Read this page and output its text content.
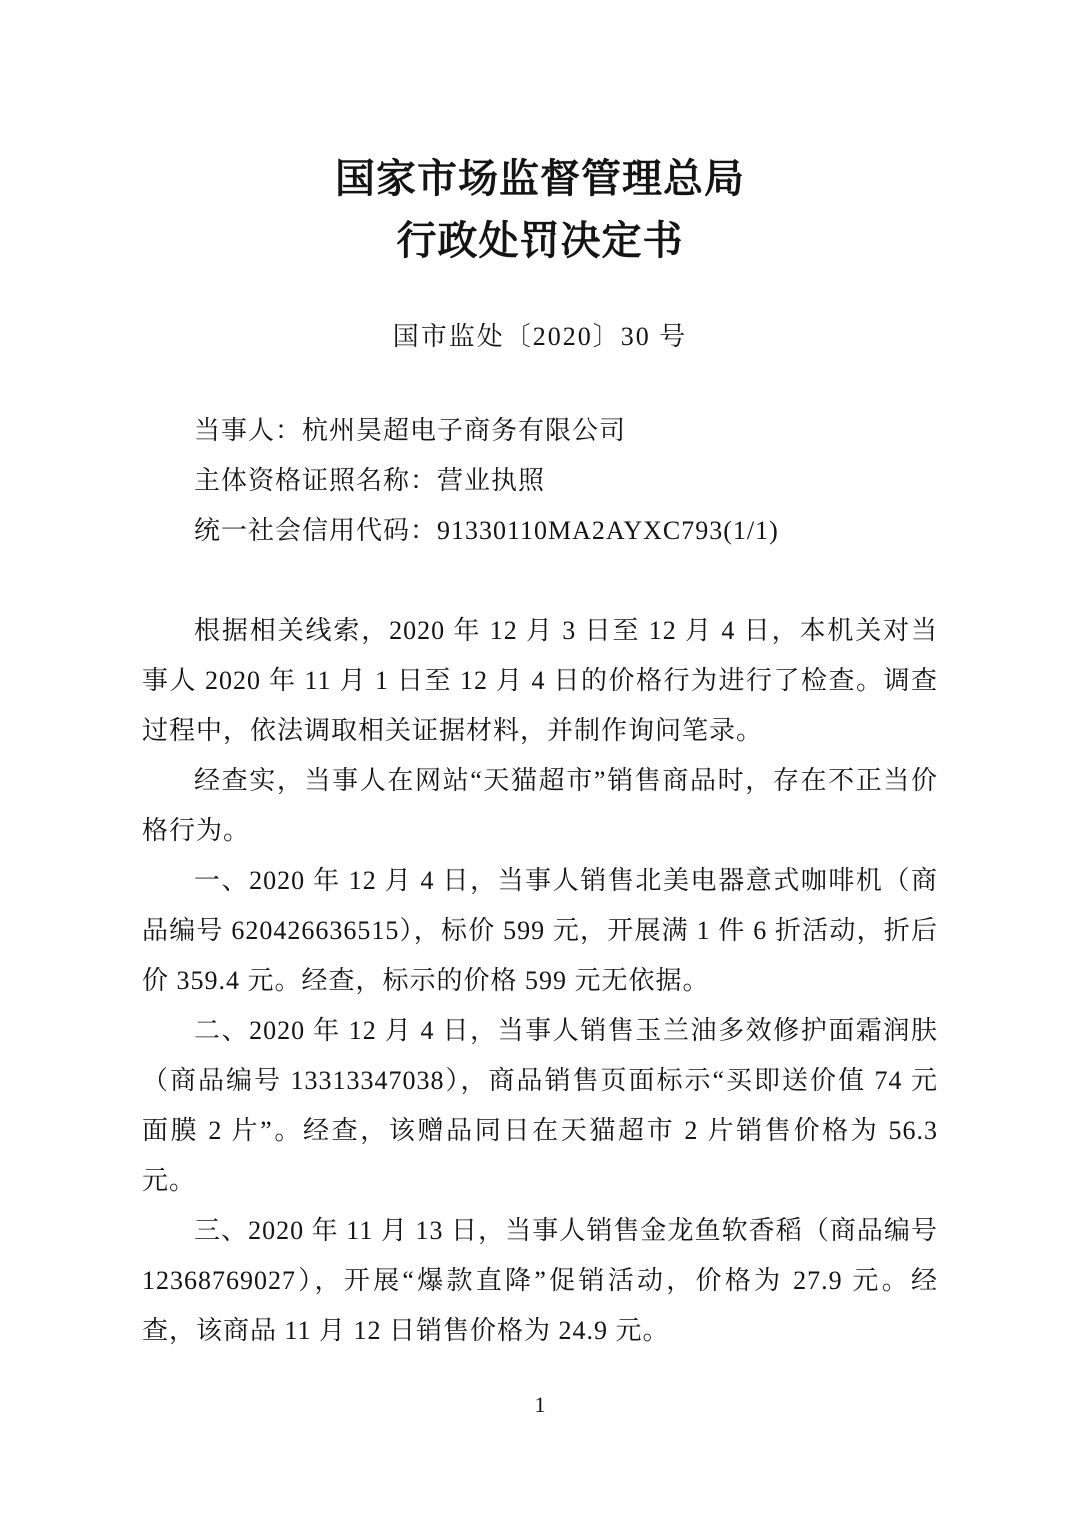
国家市场监督管理总局
行政处罚决定书
国市监处〔2020〕30 号

当事人：杭州昊超电子商务有限公司

主体资格证照名称：营业执照

统一社会信用代码：91330110MA2AYXC793(1/1)

根据相关线索，2020 年 12 月 3 日至 12 月 4 日，本机关对当事人 2020 年 11 月 1 日至 12 月 4 日的价格行为进行了检查。调查过程中，依法调取相关证据材料，并制作询问笔录。

经查实，当事人在网站“天猫超市”销售商品时，存在不正当价格行为。

一、2020 年 12 月 4 日，当事人销售北美电器意式咖啡机（商品编号 620426636515），标价 599 元，开展满 1 件 6 折活动，折后价 359.4 元。经查，标示的价格 599 元无依据。

二、2020 年 12 月 4 日，当事人销售玉兰油多效修护面霜润肤（商品编号 13313347038），商品销售页面标示“买即送价值 74 元面膜 2 片”。经查，该赠品同日在天猫超市 2 片销售价格为 56.3 元。

三、2020 年 11 月 13 日，当事人销售金龙鱼软香稻（商品编号 12368769027），开展“爆款直降”促销活动，价格为 27.9 元。经查，该商品 11 月 12 日销售价格为 24.9 元。

1
